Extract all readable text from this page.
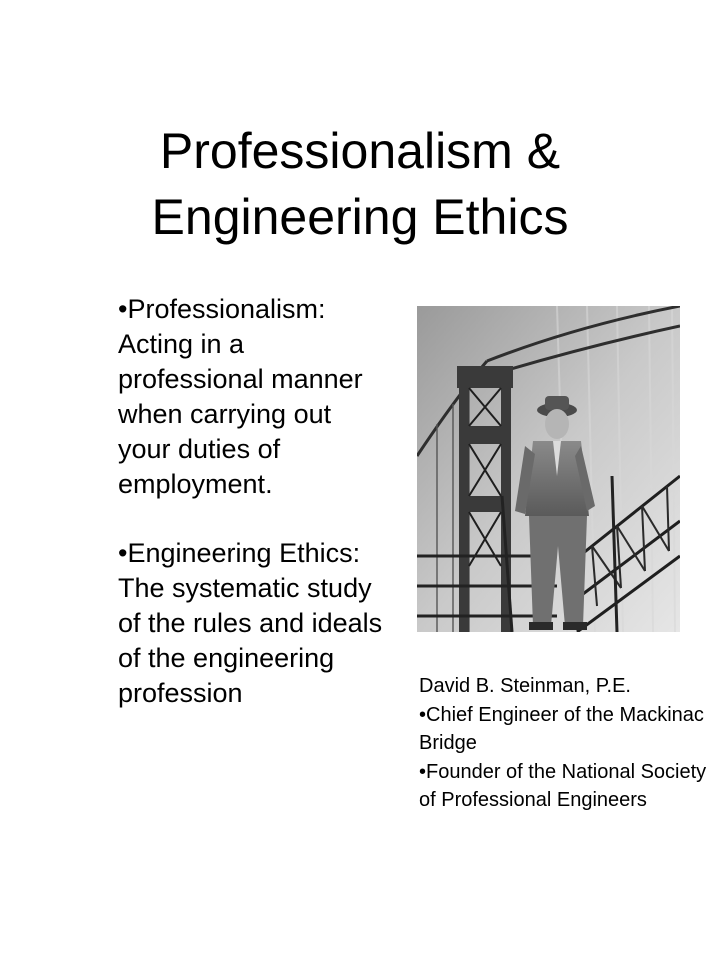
Professionalism &
Engineering Ethics

•Professionalism: Acting in a professional manner when carrying out your duties of employment.

•Engineering Ethics: The systematic study of the rules and ideals of the engineering profession	David B. Steinman, P.E.
•Chief Engineer of the Mackinac Bridge
•Founder of the National Society of Professional Engineers
